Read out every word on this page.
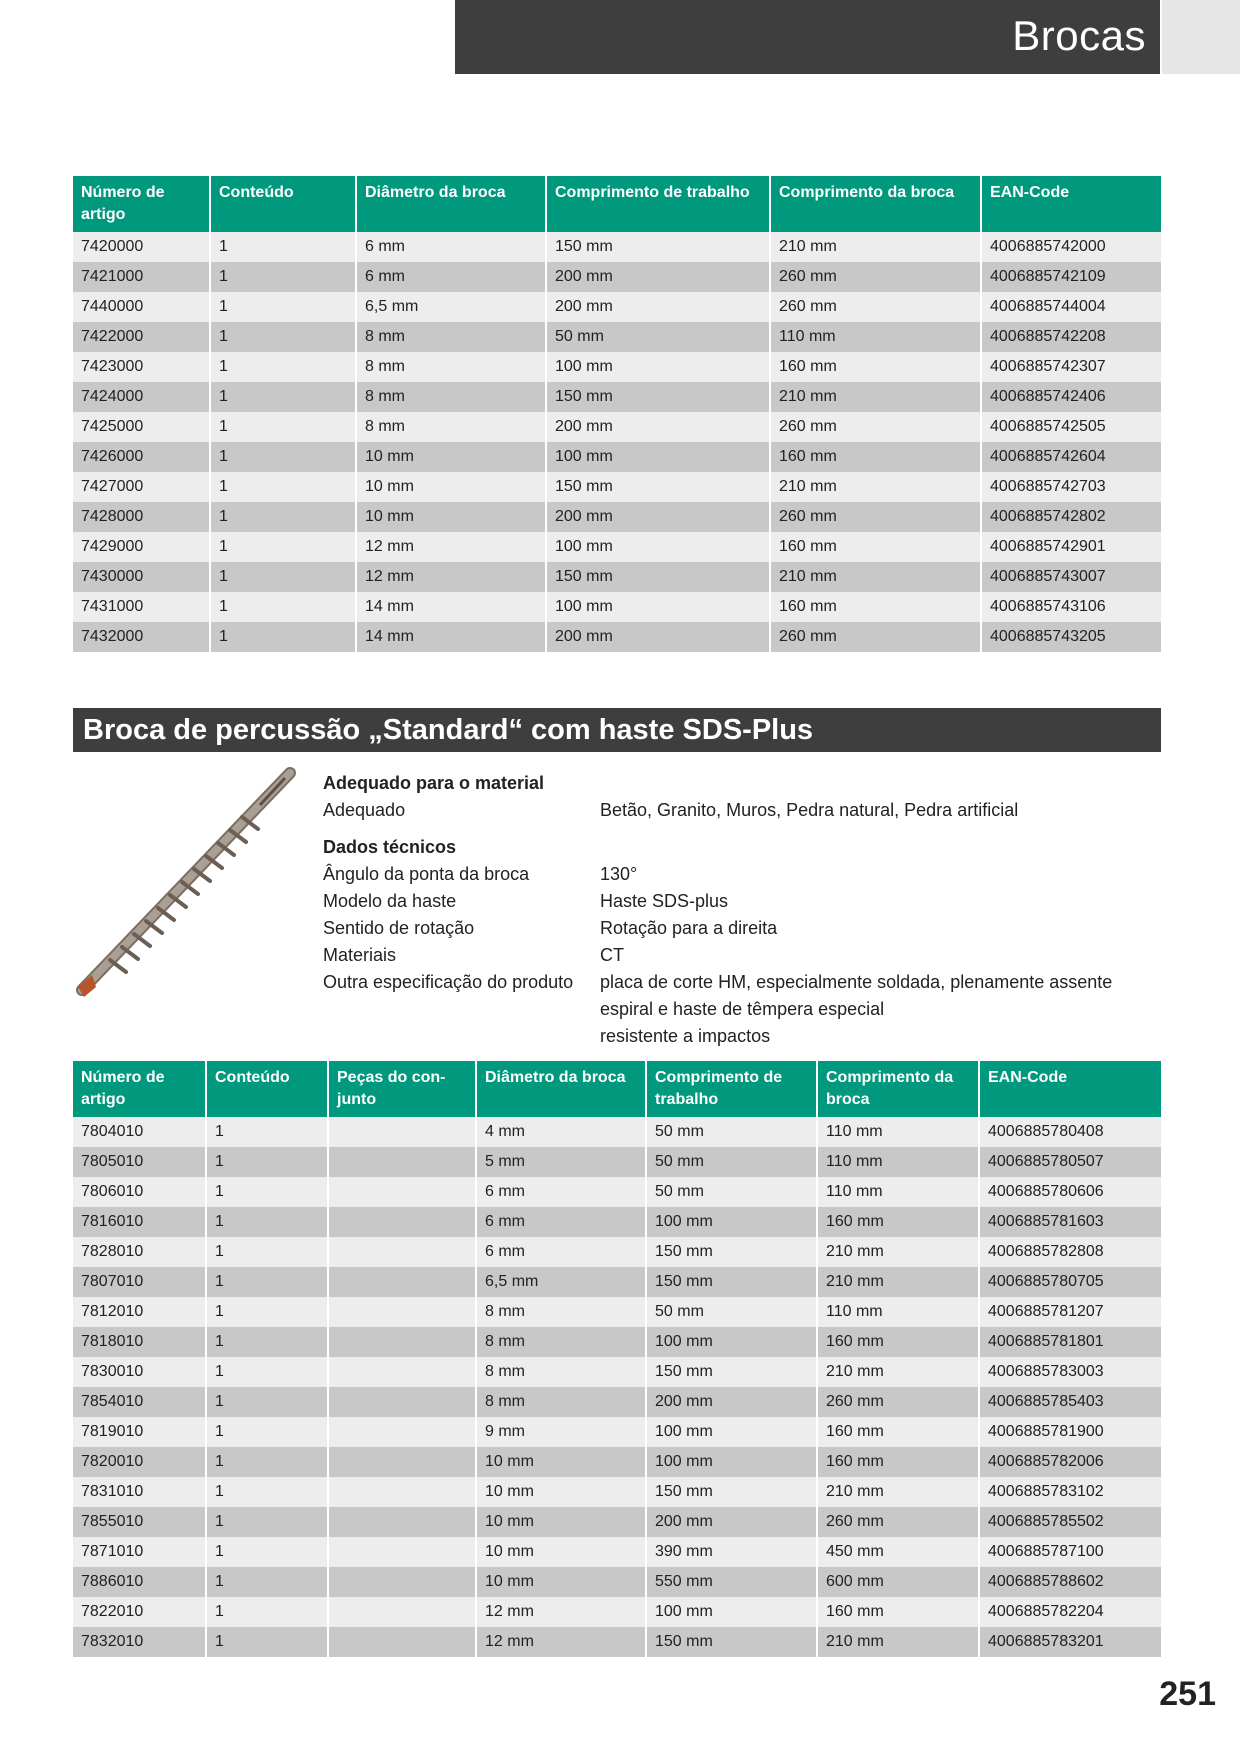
Brocas
Número de artigo	Conteúdo	Diâmetro da broca	Comprimento de trabalho	Comprimento da broca	EAN-Code
7420000	1	6 mm	150 mm	210 mm	4006885742000
7421000	1	6 mm	200 mm	260 mm	4006885742109
7440000	1	6,5 mm	200 mm	260 mm	4006885744004
7422000	1	8 mm	50 mm	110 mm	4006885742208
7423000	1	8 mm	100 mm	160 mm	4006885742307
7424000	1	8 mm	150 mm	210 mm	4006885742406
7425000	1	8 mm	200 mm	260 mm	4006885742505
7426000	1	10 mm	100 mm	160 mm	4006885742604
7427000	1	10 mm	150 mm	210 mm	4006885742703
7428000	1	10 mm	200 mm	260 mm	4006885742802
7429000	1	12 mm	100 mm	160 mm	4006885742901
7430000	1	12 mm	150 mm	210 mm	4006885743007
7431000	1	14 mm	100 mm	160 mm	4006885743106
7432000	1	14 mm	200 mm	260 mm	4006885743205
Broca de percussão „Standard“ com haste SDS-Plus
Adequado para o material
Adequado	Betão, Granito, Muros, Pedra natural, Pedra artificial
Dados técnicos
Ângulo da ponta da broca	130°
Modelo da haste	Haste SDS-plus
Sentido de rotação	Rotação para a direita
Materiais	CT
Outra especificação do produto	placa de corte HM, especialmente soldada, plenamente assente
espiral e haste de têmpera especial
resistente a impactos
Número de artigo	Conteúdo	Peças do con-junto	Diâmetro da broca	Comprimento de trabalho	Comprimento da broca	EAN-Code
7804010	1		4 mm	50 mm	110 mm	4006885780408
7805010	1		5 mm	50 mm	110 mm	4006885780507
7806010	1		6 mm	50 mm	110 mm	4006885780606
7816010	1		6 mm	100 mm	160 mm	4006885781603
7828010	1		6 mm	150 mm	210 mm	4006885782808
7807010	1		6,5 mm	150 mm	210 mm	4006885780705
7812010	1		8 mm	50 mm	110 mm	4006885781207
7818010	1		8 mm	100 mm	160 mm	4006885781801
7830010	1		8 mm	150 mm	210 mm	4006885783003
7854010	1		8 mm	200 mm	260 mm	4006885785403
7819010	1		9 mm	100 mm	160 mm	4006885781900
7820010	1		10 mm	100 mm	160 mm	4006885782006
7831010	1		10 mm	150 mm	210 mm	4006885783102
7855010	1		10 mm	200 mm	260 mm	4006885785502
7871010	1		10 mm	390 mm	450 mm	4006885787100
7886010	1		10 mm	550 mm	600 mm	4006885788602
7822010	1		12 mm	100 mm	160 mm	4006885782204
7832010	1		12 mm	150 mm	210 mm	4006885783201
251
